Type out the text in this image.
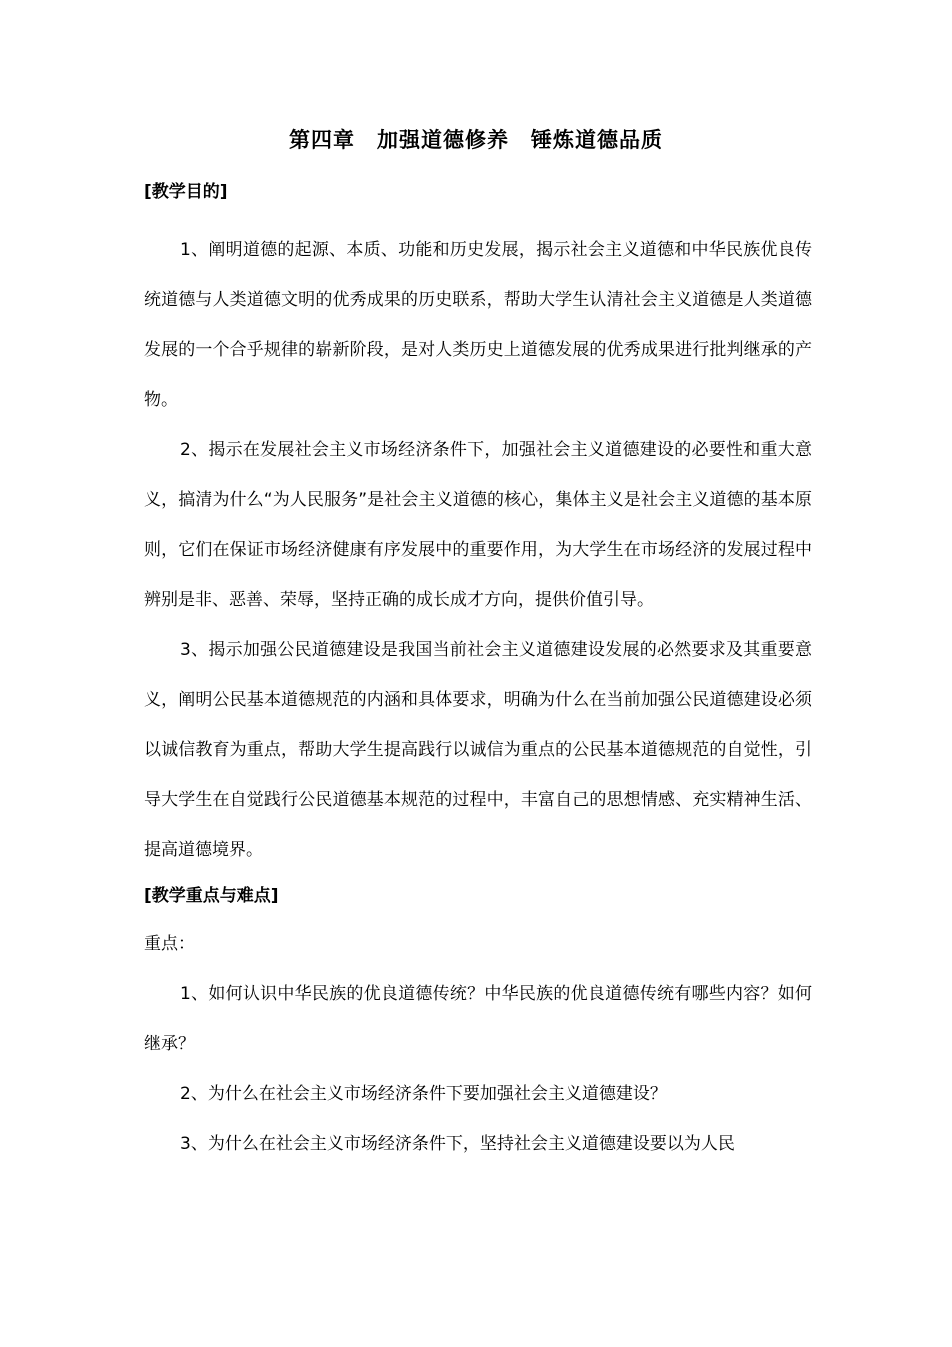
第四章　加强道德修养　锤炼道德品质
[教学目的]

1、阐明道德的起源、本质、功能和历史发展，揭示社会主义道德和中华民族优良传统道德与人类道德文明的优秀成果的历史联系，帮助大学生认清社会主义道德是人类道德发展的一个合乎规律的崭新阶段，是对人类历史上道德发展的优秀成果进行批判继承的产物。

2、揭示在发展社会主义市场经济条件下，加强社会主义道德建设的必要性和重大意义，搞清为什么“为人民服务”是社会主义道德的核心，集体主义是社会主义道德的基本原则，它们在保证市场经济健康有序发展中的重要作用，为大学生在市场经济的发展过程中辨别是非、恶善、荣辱，坚持正确的成长成才方向，提供价值引导。

3、揭示加强公民道德建设是我国当前社会主义道德建设发展的必然要求及其重要意义，阐明公民基本道德规范的内涵和具体要求，明确为什么在当前加强公民道德建设必须以诚信教育为重点，帮助大学生提高践行以诚信为重点的公民基本道德规范的自觉性，引导大学生在自觉践行公民道德基本规范的过程中，丰富自己的思想情感、充实精神生活、提高道德境界。

[教学重点与难点]

重点：

1、如何认识中华民族的优良道德传统？中华民族的优良道德传统有哪些内容？如何继承？

2、为什么在社会主义市场经济条件下要加强社会主义道德建设？

3、为什么在社会主义市场经济条件下，坚持社会主义道德建设要以为人民
